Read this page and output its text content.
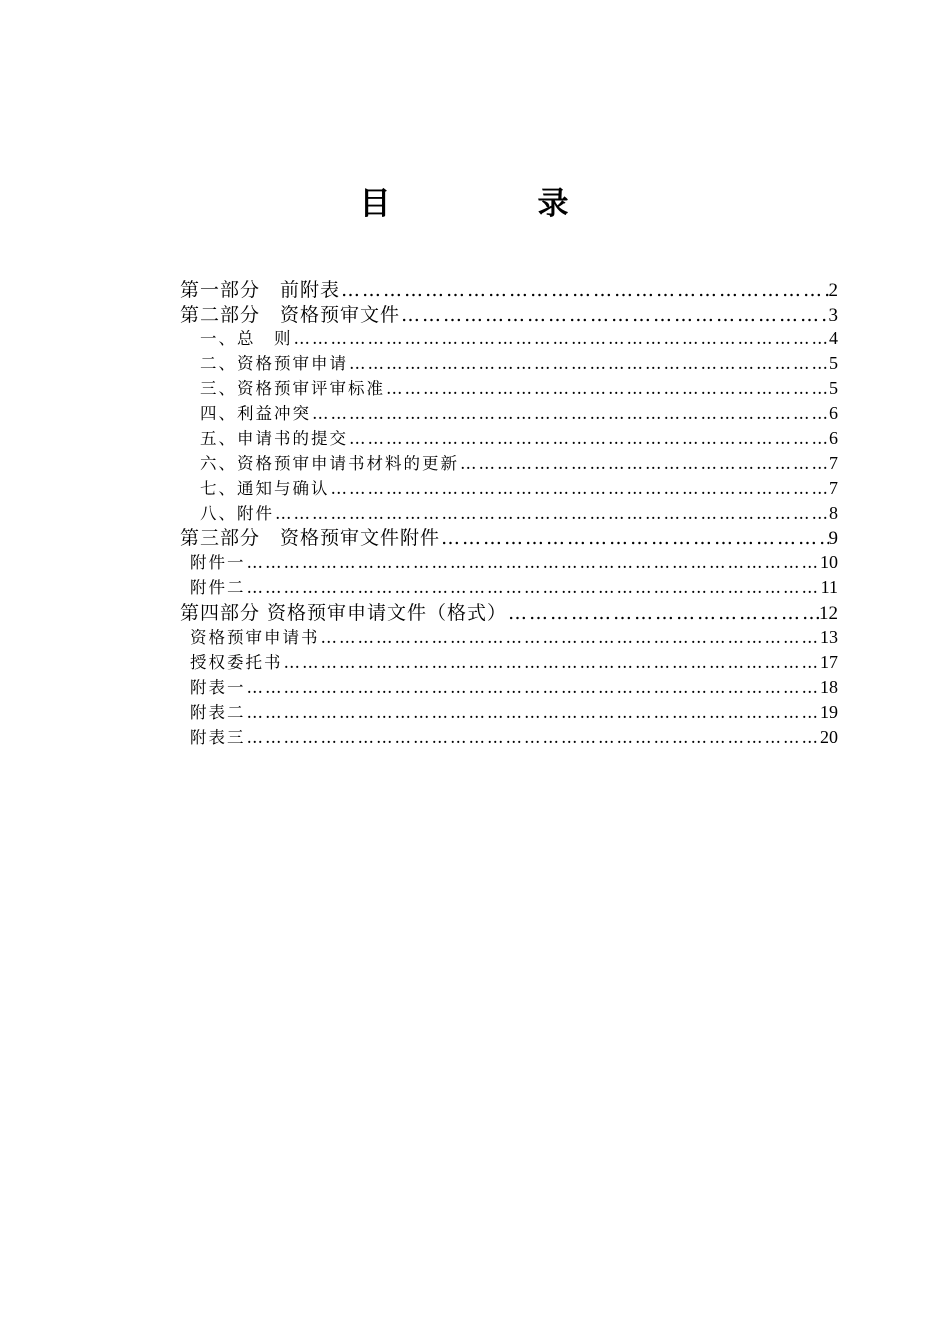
目　录
第一部分　前附表 ……………………………………………………………………………………………………………………………………………………………………………………………………	2
第二部分　资格预审文件 ……………………………………………………………………………………………………………………………………………………………………………………………………	3
一、总　则 ……………………………………………………………………………………………………………………………………………………………………………………………………	4
二、资格预审申请 ……………………………………………………………………………………………………………………………………………………………………………………………………	5
三、资格预审评审标准 ……………………………………………………………………………………………………………………………………………………………………………………………………	5
四、利益冲突 ……………………………………………………………………………………………………………………………………………………………………………………………………	6
五、申请书的提交 ……………………………………………………………………………………………………………………………………………………………………………………………………	6
六、资格预审申请书材料的更新 ……………………………………………………………………………………………………………………………………………………………………………………………………	7
七、通知与确认 ……………………………………………………………………………………………………………………………………………………………………………………………………	7
八、附件 ……………………………………………………………………………………………………………………………………………………………………………………………………	8
第三部分　资格预审文件附件 ……………………………………………………………………………………………………………………………………………………………………………………………………	9
附件一 ……………………………………………………………………………………………………………………………………………………………………………………………………	10
附件二 ……………………………………………………………………………………………………………………………………………………………………………………………………	11
第四部分 资格预审申请文件（格式） ……………………………………………………………………………………………………………………………………………………………………………………………………	12
资格预审申请书 ……………………………………………………………………………………………………………………………………………………………………………………………………	13
授权委托书 ……………………………………………………………………………………………………………………………………………………………………………………………………	17
附表一 ……………………………………………………………………………………………………………………………………………………………………………………………………	18
附表二 ……………………………………………………………………………………………………………………………………………………………………………………………………	19
附表三 ……………………………………………………………………………………………………………………………………………………………………………………………………	20
